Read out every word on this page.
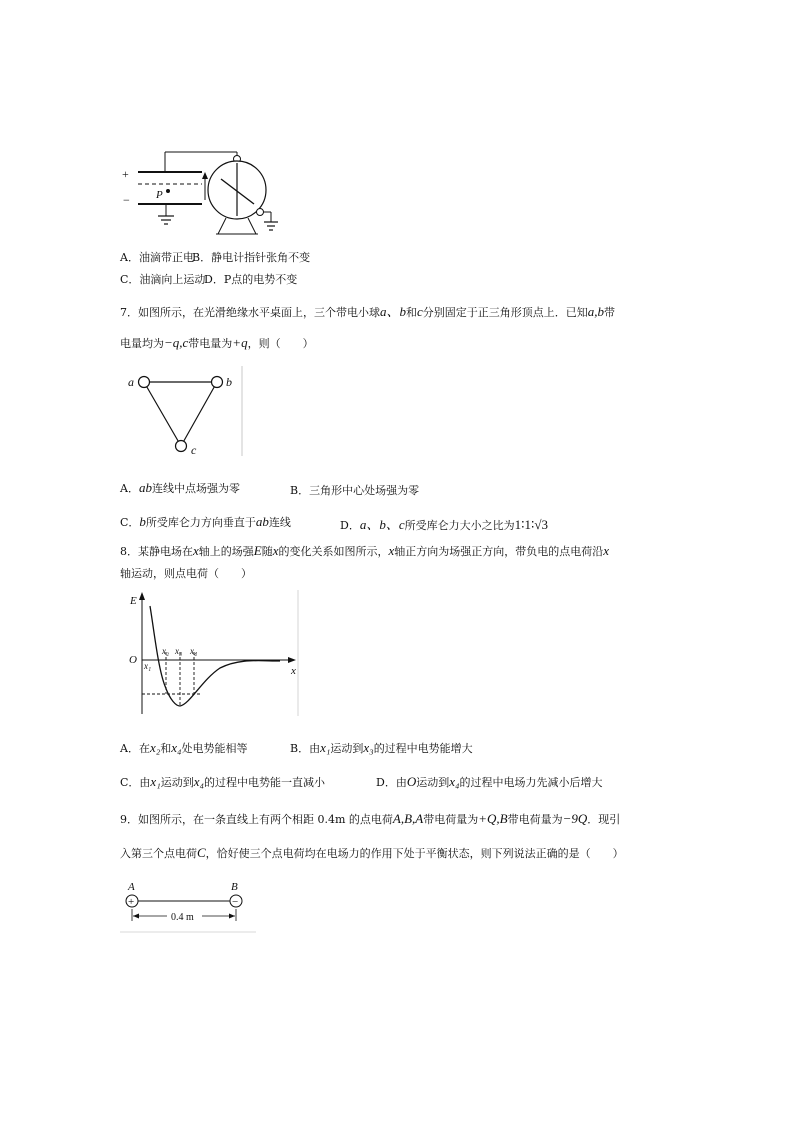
+
P
−
A．油滴带正电
B．静电计指针张角不变
C．油滴向上运动
D．P点的电势不变
7．如图所示，在光滑绝缘水平桌面上，三个带电小球a、b和c分别固定于正三角形顶点上．已知a,b带
电量均为−q,c带电量为+q，则（　　）
a	b
c
A．ab连线中点场强为零	B．三角形中心处场强为零
C．b所受库仑力方向垂直于ab连线	D．a、b、c所受库仑力大小之比为1∶1∶√3
8．某静电场在x轴上的场强E随x的变化关系如图所示，x轴正方向为场强正方向，带负电的点电荷沿x
轴运动，则点电荷（　　）
E
O
x
x₂ x₃ x₄
x₁
A．在x₂和x₄处电势能相等	B．由x₁运动到x₃的过程中电势能增大
C．由x₁运动到x₄的过程中电势能一直减小	D．由O运动到x₄的过程中电场力先减小后增大
9．如图所示，在一条直线上有两个相距 0.4m 的点电荷A,B,A带电荷量为+Q,B带电荷量为−9Q．现引
入第三个点电荷C，恰好使三个点电荷均在电场力的作用下处于平衡状态，则下列说法正确的是（　　）
A	B
+	−
0.4 m
